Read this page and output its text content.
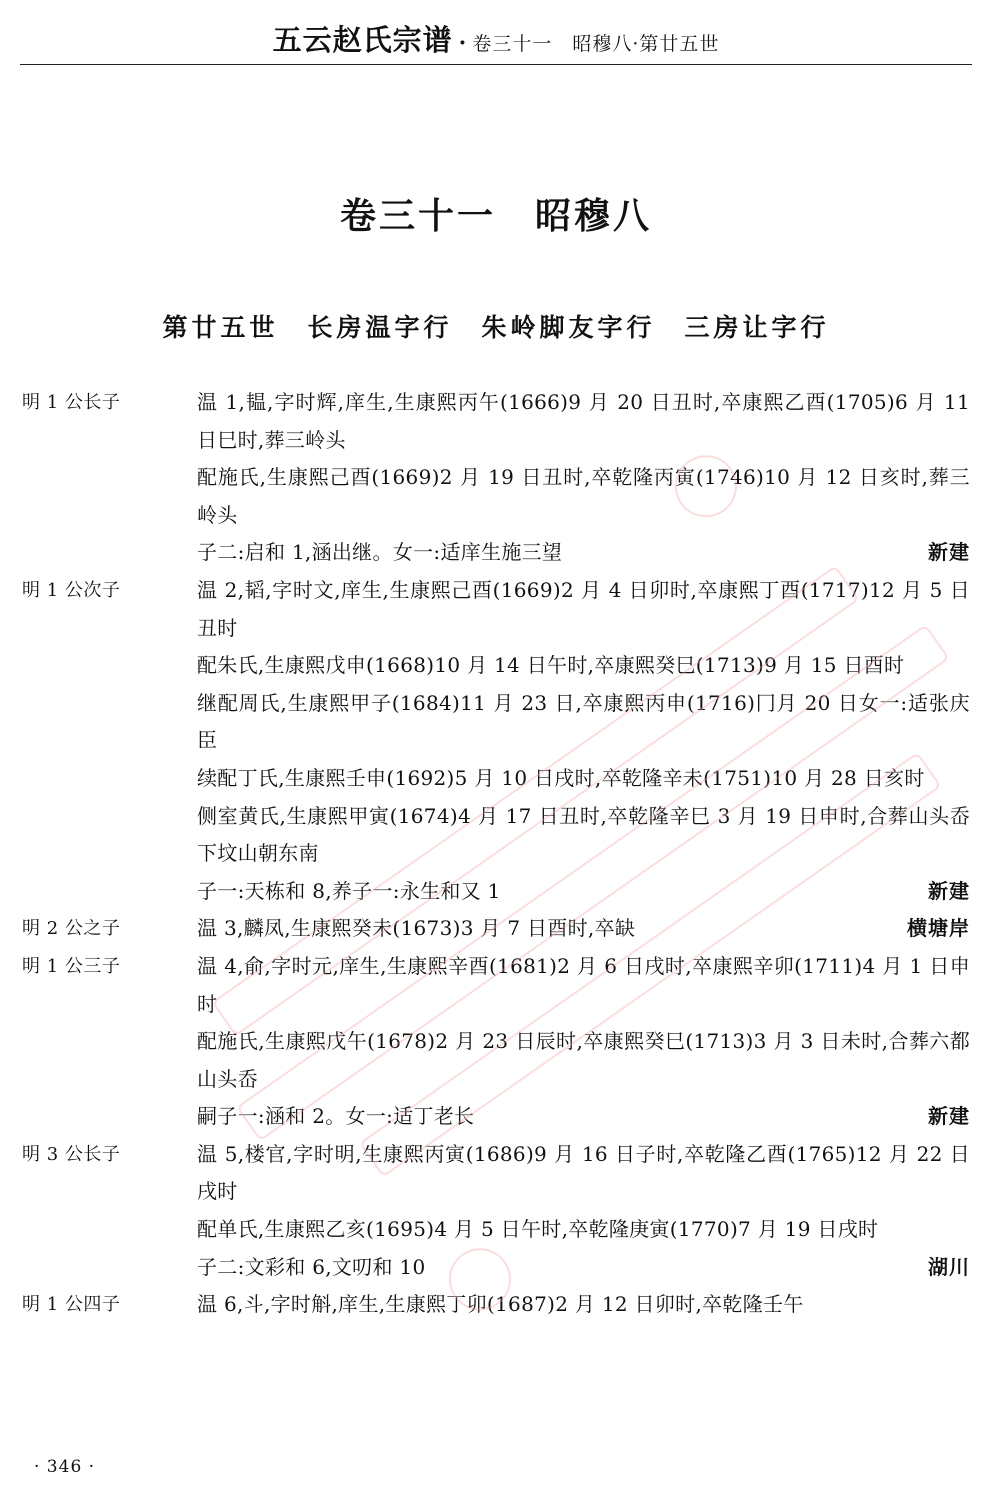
五云赵氏宗谱 · 卷三十一　昭穆八·第廿五世
卷三十一　昭穆八
第廿五世　长房温字行　朱岭脚友字行　三房让字行
明 1 公长子	温 1,韫,字时辉,庠生,生康熙丙午(1666)9 月 20 日丑时,卒康熙乙酉(1705)6 月 11 日巳时,葬三岭头
配施氏,生康熙己酉(1669)2 月 19 日丑时,卒乾隆丙寅(1746)10 月 12 日亥时,葬三岭头
子二:启和 1,涵出继。女一:适庠生施三望	新建
明 1 公次子	温 2,韬,字时文,庠生,生康熙己酉(1669)2 月 4 日卯时,卒康熙丁酉(1717)12 月 5 日丑时
配朱氏,生康熙戊申(1668)10 月 14 日午时,卒康熙癸巳(1713)9 月 15 日酉时
继配周氏,生康熙甲子(1684)11 月 23 日,卒康熙丙申(1716)冂月 20 日女一:适张庆臣
续配丁氏,生康熙壬申(1692)5 月 10 日戌时,卒乾隆辛未(1751)10 月 28 日亥时
侧室黄氏,生康熙甲寅(1674)4 月 17 日丑时,卒乾隆辛巳 3 月 19 日申时,合葬山头岙下坟山朝东南
子一:天栋和 8,养子一:永生和又 1	新建
明 2 公之子	温 3,麟凤,生康熙癸未(1673)3 月 7 日酉时,卒缺	横塘岸
明 1 公三子	温 4,俞,字时元,庠生,生康熙辛酉(1681)2 月 6 日戌时,卒康熙辛卯(1711)4 月 1 日申时
配施氏,生康熙戊午(1678)2 月 23 日辰时,卒康熙癸巳(1713)3 月 3 日未时,合葬六都山头岙
嗣子一:涵和 2。女一:适丁老长	新建
明 3 公长子	温 5,楼官,字时明,生康熙丙寅(1686)9 月 16 日子时,卒乾隆乙酉(1765)12 月 22 日戌时
配单氏,生康熙乙亥(1695)4 月 5 日午时,卒乾隆庚寅(1770)7 月 19 日戌时
子二:文彩和 6,文叨和 10	湖川
明 1 公四子	温 6,斗,字时斛,庠生,生康熙丁卯(1687)2 月 12 日卯时,卒乾隆壬午
· 346 ·
